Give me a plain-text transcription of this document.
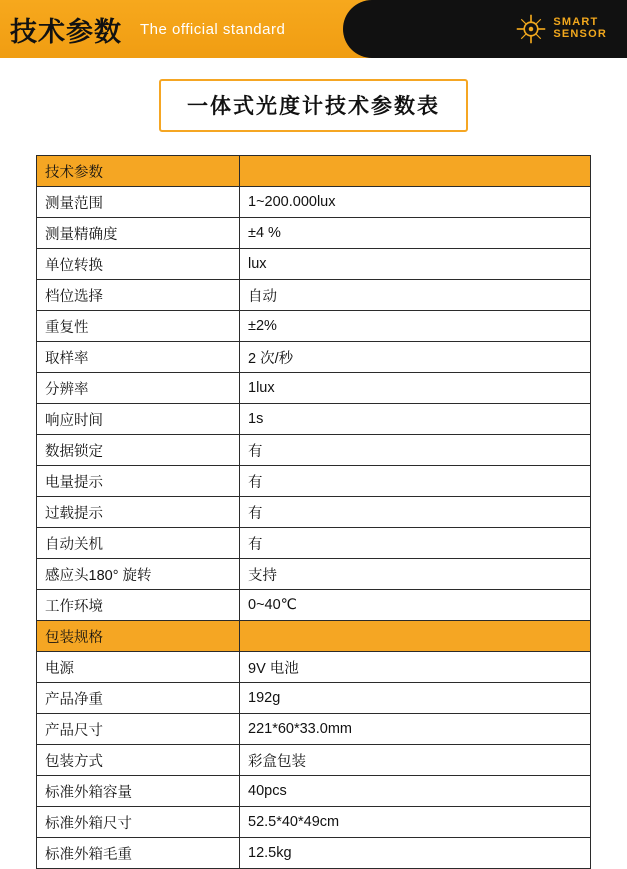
技术参数 The official standard	SMART
SENSOR
一体式光度计技术参数表
技术参数	
测量范围	1~200.000lux
测量精确度	±4 %
单位转换	lux
档位选择	自动
重复性	±2%
取样率	2 次/秒
分辨率	1lux
响应时间	1s
数据锁定	有
电量提示	有
过载提示	有
自动关机	有
感应头180° 旋转	支持
工作环境	0~40℃
包装规格	
电源	9V 电池
产品净重	192g
产品尺寸	221*60*33.0mm
包装方式	彩盒包装
标准外箱容量	40pcs
标准外箱尺寸	52.5*40*49cm
标准外箱毛重	12.5kg
